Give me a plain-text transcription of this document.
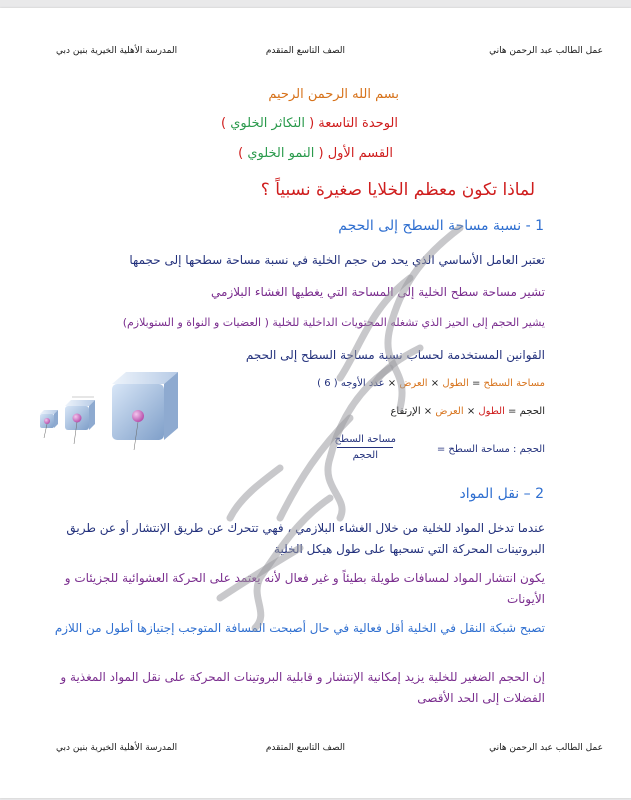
عمل الطالب عبد الرحمن هاني
الصف التاسع المتقدم
المدرسة الأهلية الخيرية بنين دبي
بسم الله الرحمن الرحيم
الوحدة التاسعة ( التكاثر الخلوي )
القسم الأول ( النمو الخلوي )
لماذا تكون معظم الخلايا صغيرة نسبياً ؟
1 - نسبة مساحة السطح إلى الحجم
تعتبر العامل الأساسي الذي يحد من حجم الخلية في نسبة مساحة سطحها إلى حجمها
تشير مساحة سطح الخلية إلى المساحة التي يغطيها الغشاء البلازمي
يشير الحجم إلى الحيز الذي تشغله المحتويات الداخلية للخلية ( العضيات و النواة و الستوبلازم)
القوانين المستخدمة لحساب نسبة مساحة السطح إلى الحجم
مساحة السطح = الطول × العرض × عدد الأوجه ( 6 )
الحجم = الطول × العرض × الإرتفاع
الحجم : مساحة السطح =
مساحة السطح
الحجم
2 – نقل المواد
عندما تدخل المواد للخلية من خلال الغشاء البلازمي ، فهي تتحرك عن طريق الإنتشار أو عن طريق البروتينات المحركة التي تسحبها على طول هيكل الخلية
يكون انتشار المواد لمسافات طويلة بطيئاً و غير فعال لأنه يعتمد على الحركة العشوائية للجزيئات و الأيونات
تصبح شبكة النقل في الخلية أقل فعالية في حال أصبحت المسافة المتوجب إجتيازها أطول من اللازم
إن الحجم الضغير للخلية يزيد إمكانية الإنتشار و قابلية البروتينات المحركة على نقل المواد المغذية و الفضلات إلى الحد الأقصى
عمل الطالب عبد الرحمن هاني
الصف التاسع المتقدم
المدرسة الأهلية الخيرية بنين دبي
